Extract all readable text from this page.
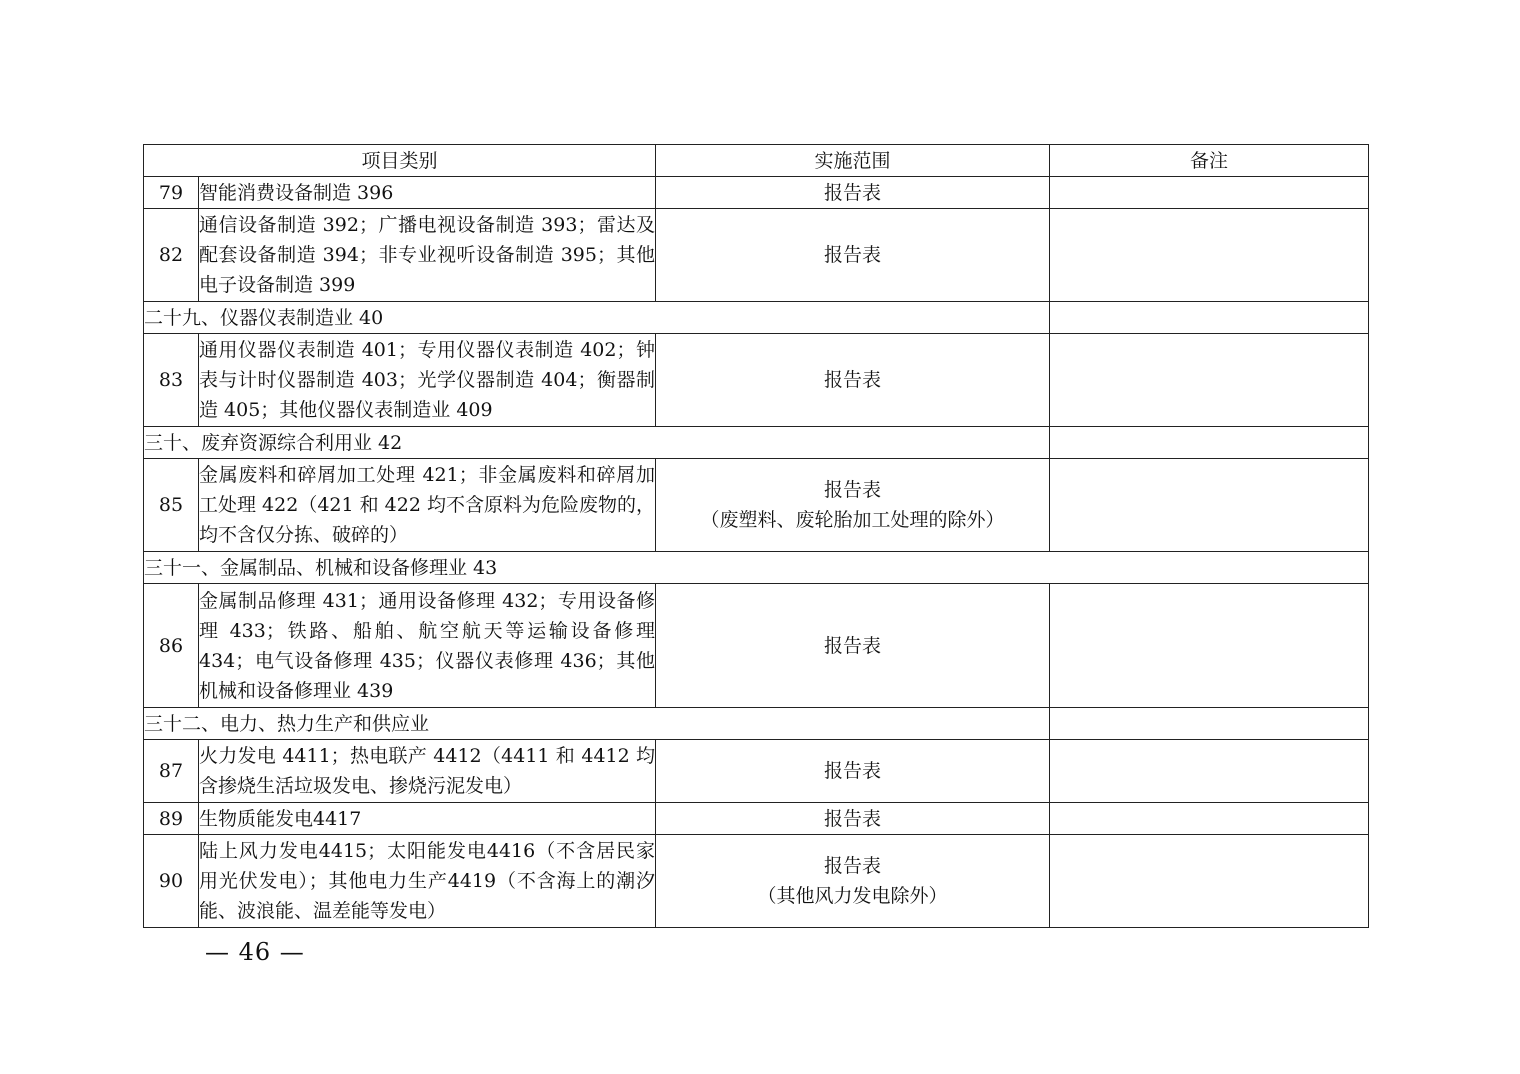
项目类别		实施范围	备注
79	智能消费设备制造 396	报告表	

82	通信设备制造 392；广播电视设备制造 393；雷达及配套设备制造 394；非专业视听设备制造 395；其他电子设备制造 399	报告表	

二十九、仪器仪表制造业 40			
83	通用仪器仪表制造 401；专用仪器仪表制造 402；钟表与计时仪器制造 403；光学仪器制造 404；衡器制造 405；其他仪器仪表制造业 409	报告表	

三十、废弃资源综合利用业 42			
85	金属废料和碎屑加工处理 421；非金属废料和碎屑加工处理 422（421 和 422 均不含原料为危险废物的，均不含仅分拣、破碎的）	报告表
（废塑料、废轮胎加工处理的除外）	

三十一、金属制品、机械和设备修理业 43			
86	金属制品修理 431；通用设备修理 432；专用设备修理 433；铁路、船舶、航空航天等运输设备修理 434；电气设备修理 435；仪器仪表修理 436；其他机械和设备修理业 439	报告表	

三十二、电力、热力生产和供应业			
87	火力发电 4411；热电联产 4412（4411 和 4412 均含掺烧生活垃圾发电、掺烧污泥发电）	报告表	

89	生物质能发电4417	报告表	

90	陆上风力发电4415；太阳能发电4416（不含居民家用光伏发电）；其他电力生产4419（不含海上的潮汐能、波浪能、温差能等发电）	报告表
（其他风力发电除外）	

— 46 —
